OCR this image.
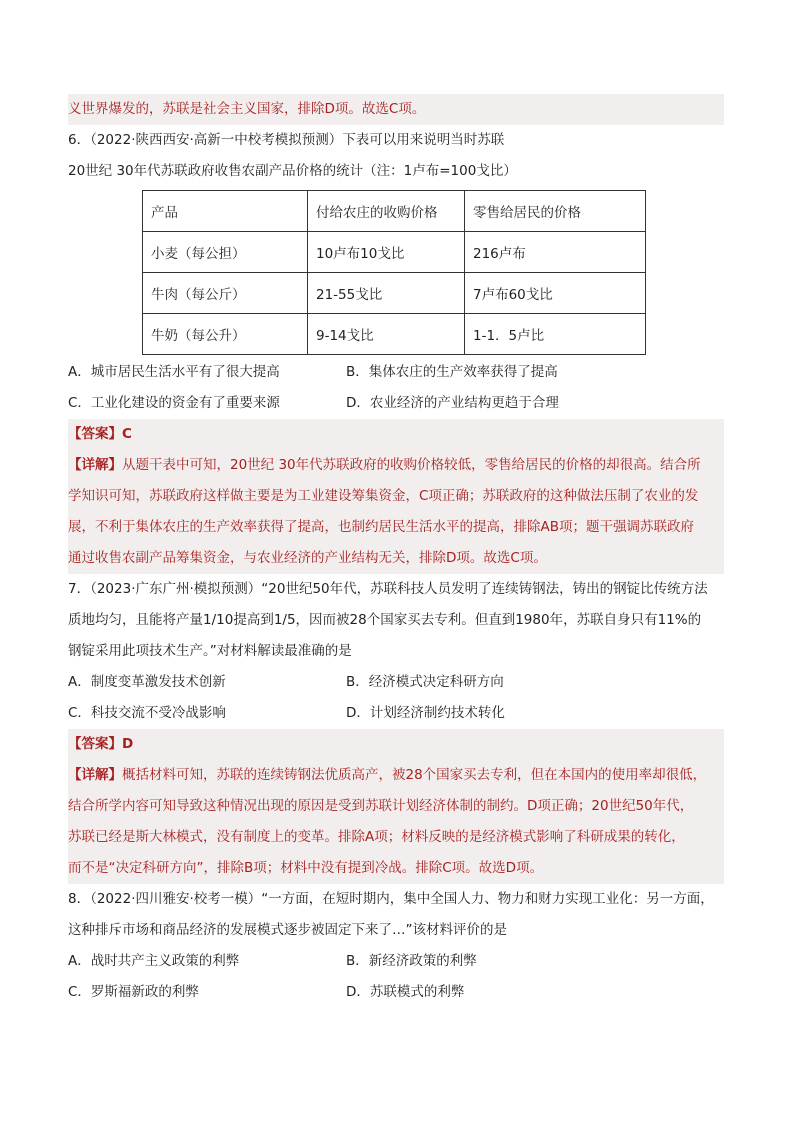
义世界爆发的，苏联是社会主义国家，排除D项。故选C项。
6．（2022·陕西西安·高新一中校考模拟预测）下表可以用来说明当时苏联
20世纪 30年代苏联政府收售农副产品价格的统计（注：1卢布=100戈比）
产品	付给农庄的收购价格	零售给居民的价格
小麦（每公担）	10卢布10戈比	216卢布
牛肉（每公斤）	21-55戈比	7卢布60戈比
牛奶（每公升）	9-14戈比	1-1．5卢比
A．城市居民生活水平有了很大提高	B．集体农庄的生产效率获得了提高
C．工业化建设的资金有了重要来源	D．农业经济的产业结构更趋于合理
【答案】C
【详解】从题干表中可知，20世纪 30年代苏联政府的收购价格较低，零售给居民的价格的却很高。结合所
学知识可知，苏联政府这样做主要是为工业建设筹集资金，C项正确；苏联政府的这种做法压制了农业的发
展，不利于集体农庄的生产效率获得了提高，也制约居民生活水平的提高，排除AB项；题干强调苏联政府
通过收售农副产品筹集资金，与农业经济的产业结构无关，排除D项。故选C项。
7．（2023·广东广州·模拟预测）“20世纪50年代，苏联科技人员发明了连续铸钢法，铸出的钢锭比传统方法
质地均匀，且能将产量1/10提高到1/5，因而被28个国家买去专利。但直到1980年，苏联自身只有11%的
钢锭采用此项技术生产。”对材料解读最准确的是
A．制度变革激发技术创新	B．经济模式决定科研方向
C．科技交流不受冷战影响	D．计划经济制约技术转化
【答案】D
【详解】概括材料可知，苏联的连续铸钢法优质高产，被28个国家买去专利，但在本国内的使用率却很低，
结合所学内容可知导致这种情况出现的原因是受到苏联计划经济体制的制约。D项正确；20世纪50年代，
苏联已经是斯大林模式，没有制度上的变革。排除A项；材料反映的是经济模式影响了科研成果的转化，
而不是“决定科研方向”，排除B项；材料中没有提到冷战。排除C项。故选D项。
8．（2022·四川雅安·校考一模）“一方面，在短时期内，集中全国人力、物力和财力实现工业化：另一方面，
这种排斥市场和商品经济的发展模式逐步被固定下来了…”该材料评价的是
A．战时共产主义政策的利弊	B．新经济政策的利弊
C．罗斯福新政的利弊	D．苏联模式的利弊
